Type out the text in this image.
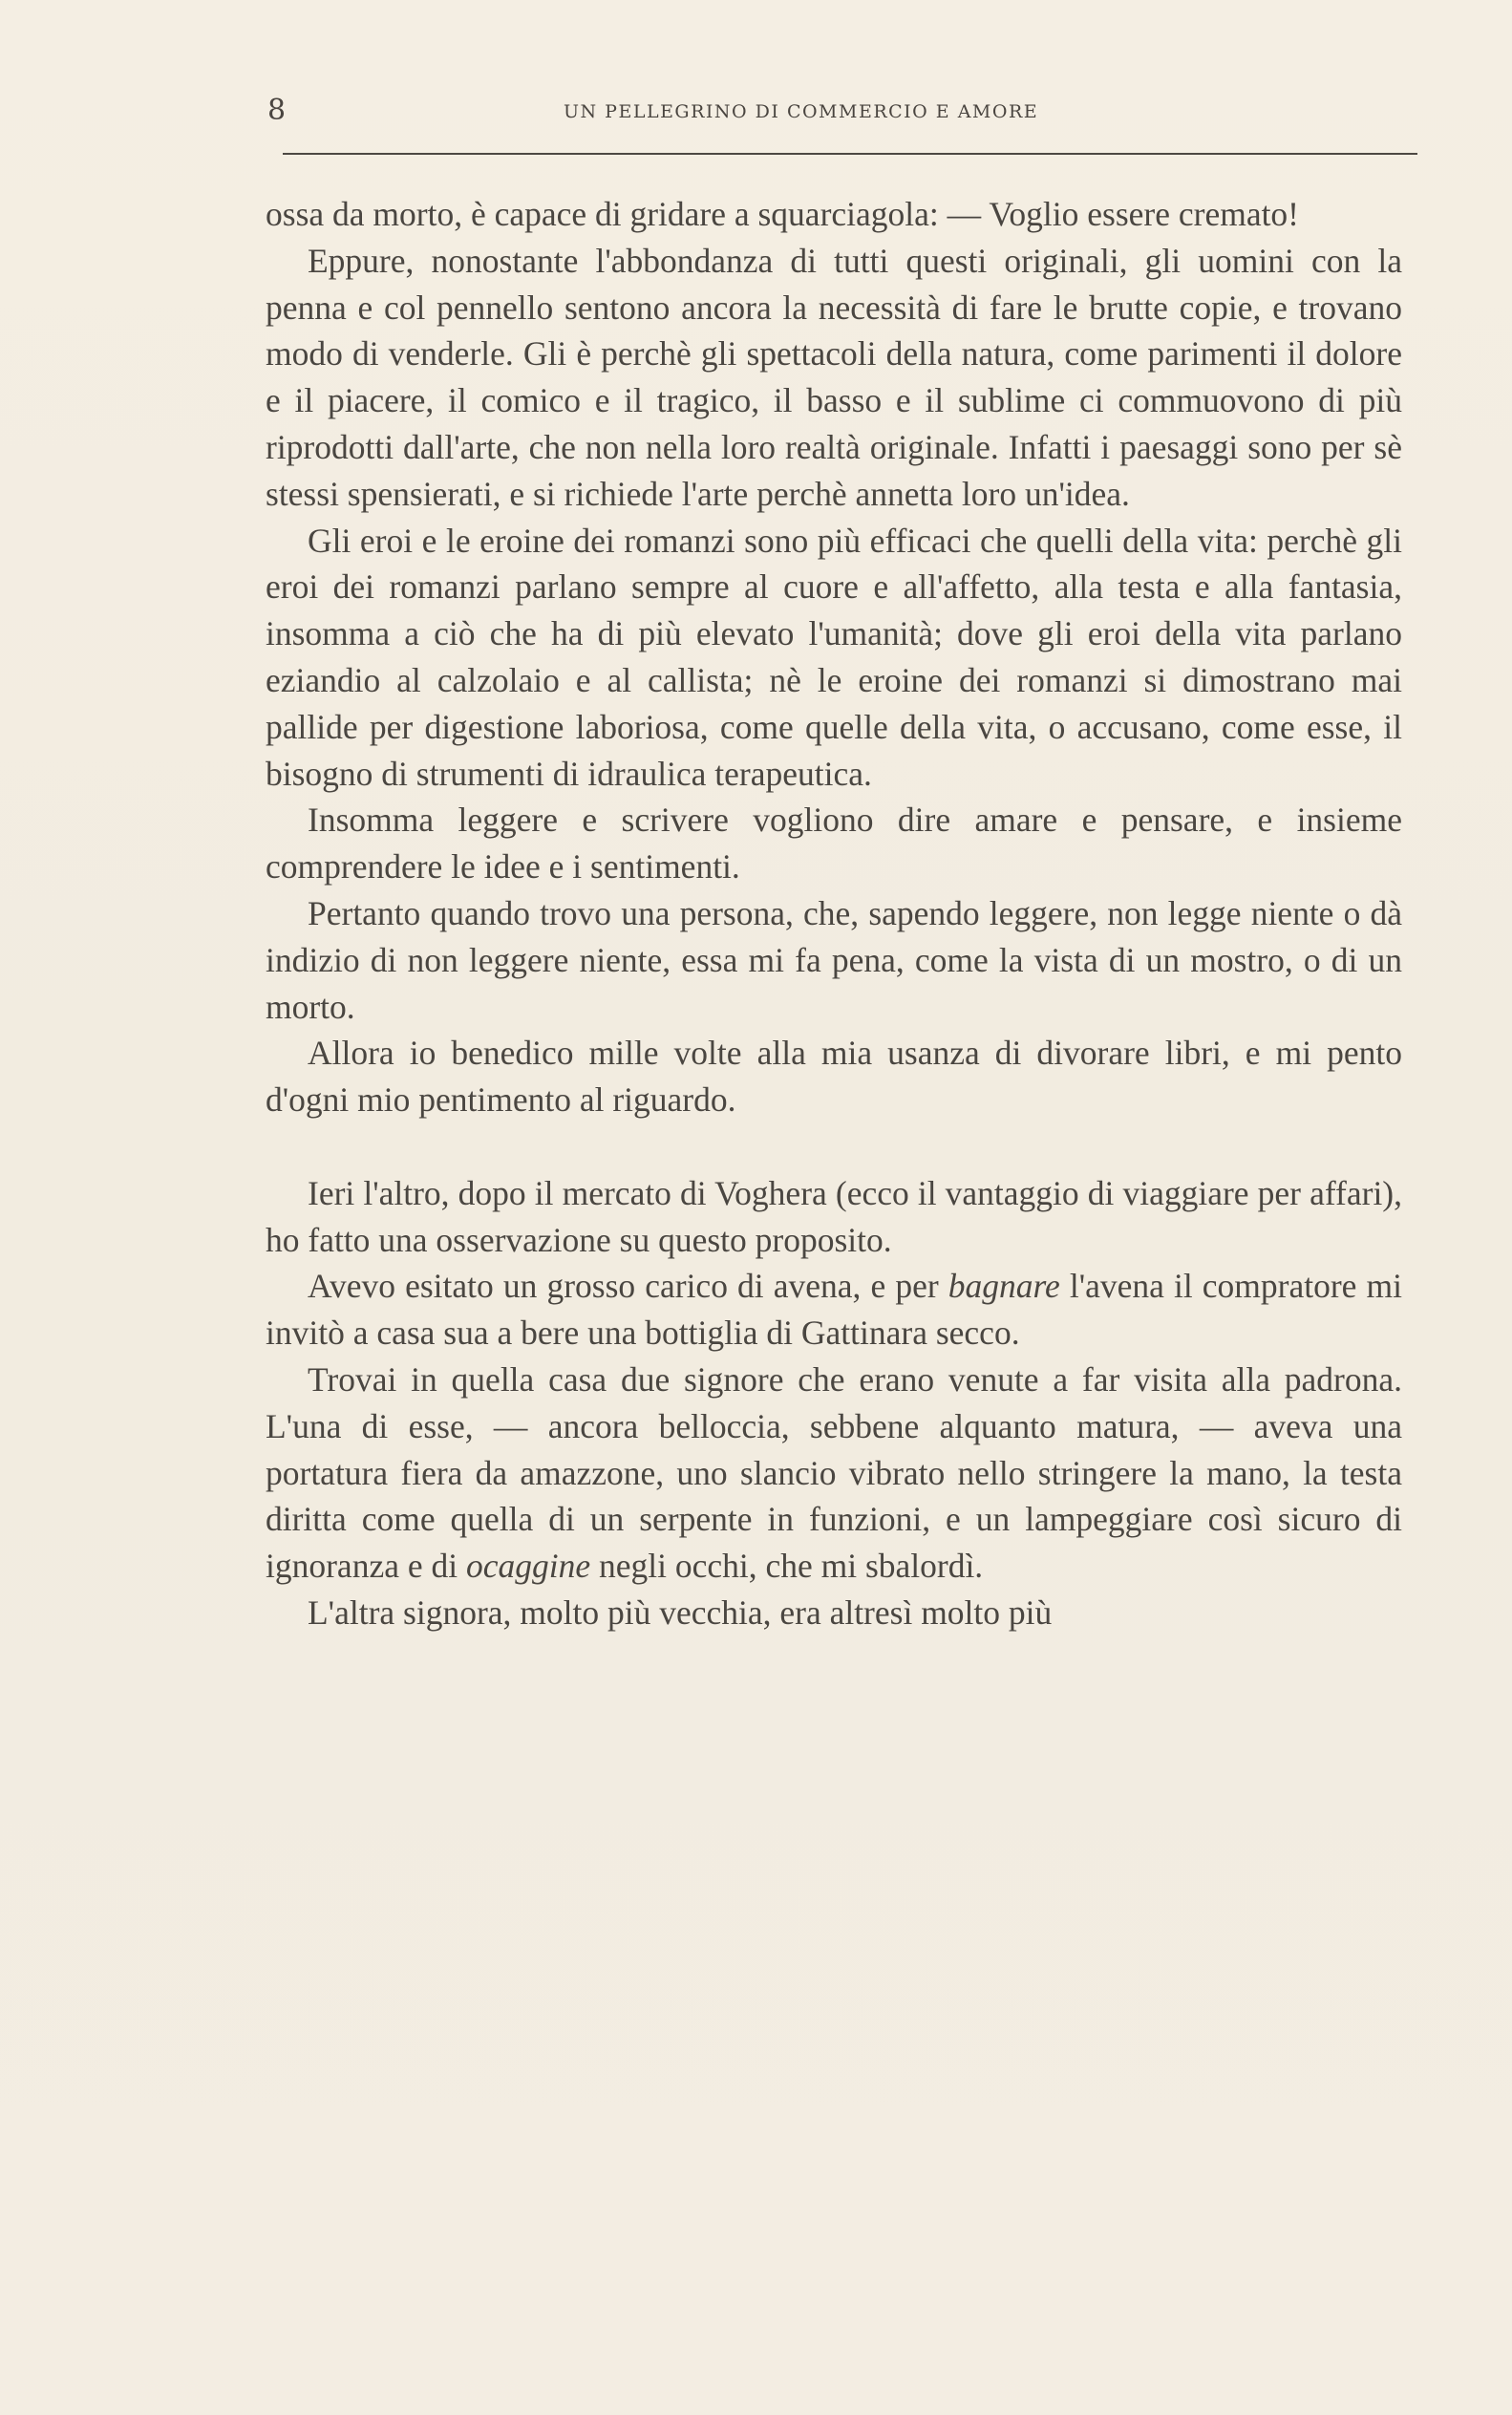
8	UN PELLEGRINO DI COMMERCIO E AMORE

ossa da morto, è capace di gridare a squarciagola: — Voglio essere cremato!

Eppure, nonostante l'abbondanza di tutti questi originali, gli uomini con la penna e col pennello sentono ancora la necessità di fare le brutte copie, e trovano modo di venderle. Gli è perchè gli spettacoli della natura, come parimenti il dolore e il piacere, il comico e il tragico, il basso e il sublime ci commuovono di più riprodotti dall'arte, che non nella loro realtà originale. Infatti i paesaggi sono per sè stessi spensierati, e si richiede l'arte perchè annetta loro un'idea.

Gli eroi e le eroine dei romanzi sono più efficaci che quelli della vita: perchè gli eroi dei romanzi parlano sempre al cuore e all'affetto, alla testa e alla fantasia, insomma a ciò che ha di più elevato l'umanità; dove gli eroi della vita parlano eziandio al calzolaio e al callista; nè le eroine dei romanzi si dimostrano mai pallide per digestione laboriosa, come quelle della vita, o accusano, come esse, il bisogno di strumenti di idraulica terapeutica.

Insomma leggere e scrivere vogliono dire amare e pensare, e insieme comprendere le idee e i sentimenti.

Pertanto quando trovo una persona, che, sapendo leggere, non legge niente o dà indizio di non leggere niente, essa mi fa pena, come la vista di un mostro, o di un morto.

Allora io benedico mille volte alla mia usanza di divorare libri, e mi pento d'ogni mio pentimento al riguardo.

Ieri l'altro, dopo il mercato di Voghera (ecco il vantaggio di viaggiare per affari), ho fatto una osservazione su questo proposito.

Avevo esitato un grosso carico di avena, e per bagnare l'avena il compratore mi invitò a casa sua a bere una bottiglia di Gattinara secco.

Trovai in quella casa due signore che erano venute a far visita alla padrona. L'una di esse, — ancora belloccia, sebbene alquanto matura, — aveva una portatura fiera da amazzone, uno slancio vibrato nello stringere la mano, la testa diritta come quella di un serpente in funzioni, e un lampeggiare così sicuro di ignoranza e di ocaggine negli occhi, che mi sbalordì.

L'altra signora, molto più vecchia, era altresì molto più
